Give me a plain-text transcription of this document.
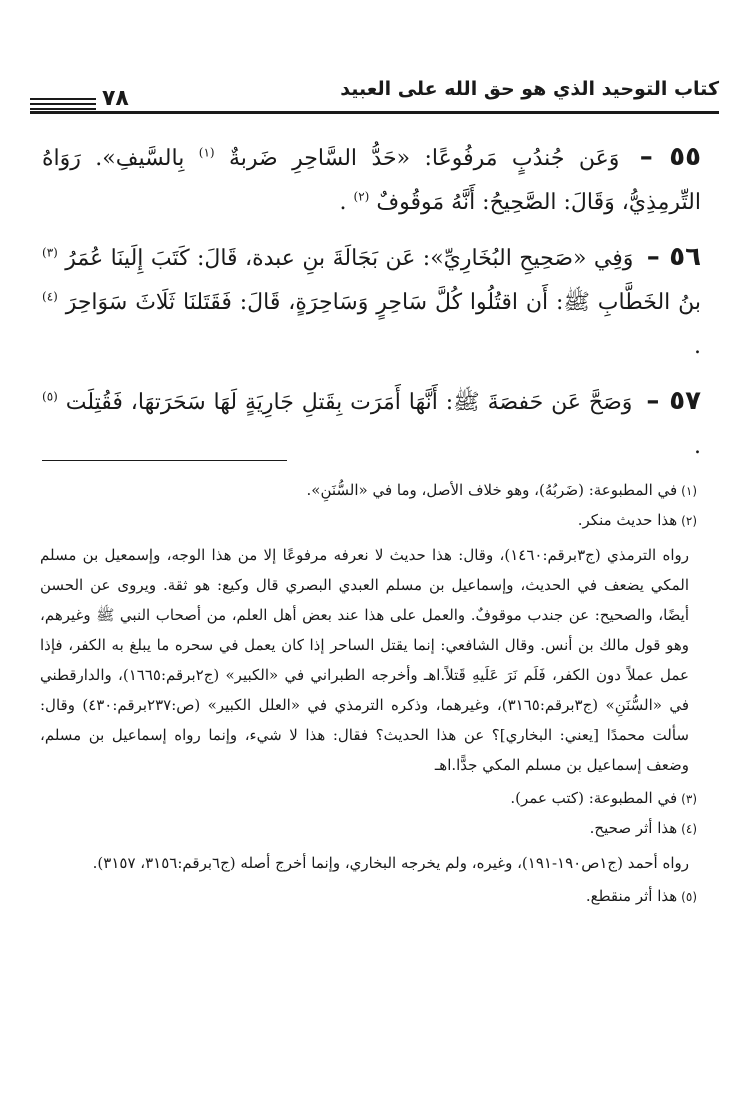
كتاب التوحيد الذي هو حق الله على العبيد
٧٨

٥٥ – وَعَن جُندُبٍ مَرفُوعًا: «حَدُّ السَّاحِرِ ضَربةٌ $^{(١)}$ بِالسَّيفِ». رَوَاهُ التِّرمِذِيُّ، وَقَالَ: الصَّحِيحُ: أَنَّهُ مَوقُوفٌ $^{(٢)}$ .

٥٦ – وَفِي «صَحِيحِ البُخَارِيِّ»: عَن بَجَالَةَ بنِ عبدة، قَالَ: كَتَبَ إِلَينَا عُمَرُ $^{(٣)}$ بنُ الخَطَّابِ ﷺ: أَن اقتُلُوا كُلَّ سَاحِرٍ وَسَاحِرَةٍ، قَالَ: فَقَتَلنَا ثَلَاثَ سَوَاحِرَ $^{(٤)}$ .

٥٧ – وَصَحَّ عَن حَفصَةَ ﷺ: أَنَّهَا أَمَرَت بِقَتلِ جَارِيَةٍ لَهَا سَحَرَتهَا، فَقُتِلَت $^{(٥)}$ .

(١)في المطبوعة: (ضَربُهُ)، وهو خلاف الأصل، وما في «السُّنَنِ».

(٢)هذا حديث منكر.

رواه الترمذي (ج٣برقم:١٤٦٠)، وقال: هذا حديث لا نعرفه مرفوعًا إلا من هذا الوجه، وإسمعيل بن مسلم المكي يضعف في الحديث، وإسماعيل بن مسلم العبدي البصري قال وكيع: هو ثقة. ويروى عن الحسن أيضًا، والصحيح: عن جندب موقوفٌ. والعمل على هذا عند بعض أهل العلم، من أصحاب النبي ﷺ وغيرهم، وهو قول مالك بن أنس. وقال الشافعي: إنما يقتل الساحر إذا كان يعمل في سحره ما يبلغ به الكفر، فإذا عمل عملاً دون الكفر، فَلَم نَرَ عَلَيهِ قَتلاً.اهـ وأخرجه الطبراني في «الكبير» (ج٢برقم:١٦٦٥)، والدارقطني في «السُّنَنِ» (ج٣برقم:٣١٦٥)، وغيرهما، وذكره الترمذي في «العلل الكبير» (ص:٢٣٧برقم:٤٣٠) وقال: سألت محمدًا [يعني: البخاري]؟ عن هذا الحديث؟ فقال: هذا لا شيء، وإنما رواه إسماعيل بن مسلم، وضعف إسماعيل بن مسلم المكي جدًّا.اهـ

(٣)في المطبوعة: (كتب عمر).

(٤)هذا أثر صحيح.

رواه أحمد (ج١ص١٩٠-١٩١)، وغيره، ولم يخرجه البخاري، وإنما أخرج أصله (ج٦برقم:٣١٥٦، ٣١٥٧).

(٥)هذا أثر منقطع.
